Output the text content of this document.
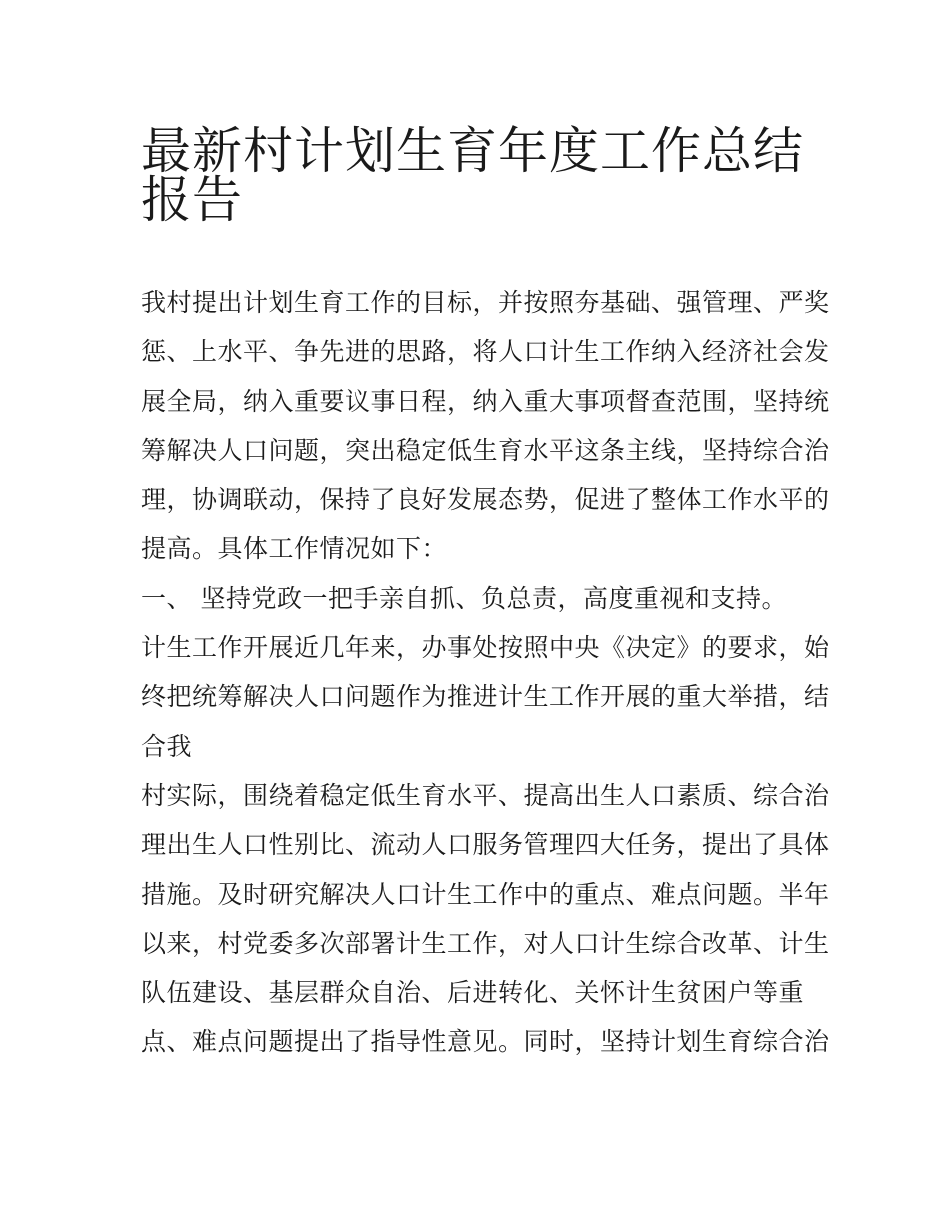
最新村计划生育年度工作总结
报告
我村提出计划生育工作的目标，并按照夯基础、强管理、严奖
惩、上水平、争先进的思路，将人口计生工作纳入经济社会发
展全局，纳入重要议事日程，纳入重大事项督查范围，坚持统
筹解决人口问题，突出稳定低生育水平这条主线，坚持综合治
理，协调联动，保持了良好发展态势，促进了整体工作水平的
提高。具体工作情况如下：
一、 坚持党政一把手亲自抓、负总责，高度重视和支持。
计生工作开展近几年来，办事处按照中央《决定》的要求，始
终把统筹解决人口问题作为推进计生工作开展的重大举措，结
合我
村实际，围绕着稳定低生育水平、提高出生人口素质、综合治
理出生人口性别比、流动人口服务管理四大任务，提出了具体
措施。及时研究解决人口计生工作中的重点、难点问题。半年
以来，村党委多次部署计生工作，对人口计生综合改革、计生
队伍建设、基层群众自治、后进转化、关怀计生贫困户等重
点、难点问题提出了指导性意见。同时，坚持计划生育综合治
